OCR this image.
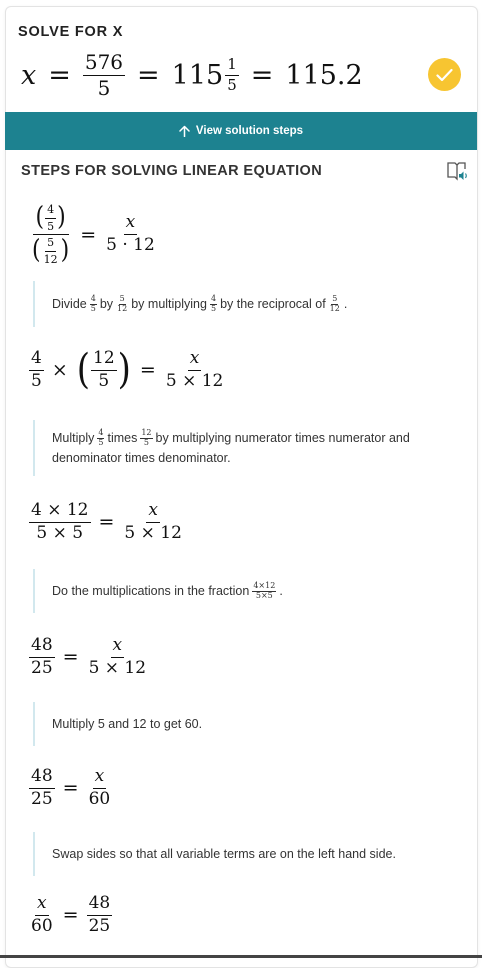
SOLVE FOR X
$x = \frac{576}{5} = 115 \frac{1}{5} = 115.2$
View solution steps
STEPS FOR SOLVING LINEAR EQUATION
$\frac{( \frac{4}{5} )}{( \frac{5}{12} )} = \frac{x}{5 \cdot 12}$
Divide $\frac{4}{5}$ by $\frac{5}{12}$ by multiplying $\frac{4}{5}$ by the reciprocal of $\frac{5}{12}$ .
$\frac{4}{5}$ × ( $\frac{12}{5}$ ) = $\frac{x}{5 \times 12}$
Multiply $\frac{4}{5}$ times $\frac{12}{5}$ by multiplying numerator times numerator and
denominator times denominator.
$\frac{4 \times 12}{5 \times 5} = \frac{x}{5 \times 12}$
Do the multiplications in the fraction $\frac{4\times 12}{5\times 5}$ .
$\frac{48}{25} = \frac{x}{5 \times 12}$
Multiply 5 and 12 to get 60.
$\frac{48}{25} = \frac{x}{60}$
Swap sides so that all variable terms are on the left hand side.
$\frac{x}{60} = \frac{48}{25}$
